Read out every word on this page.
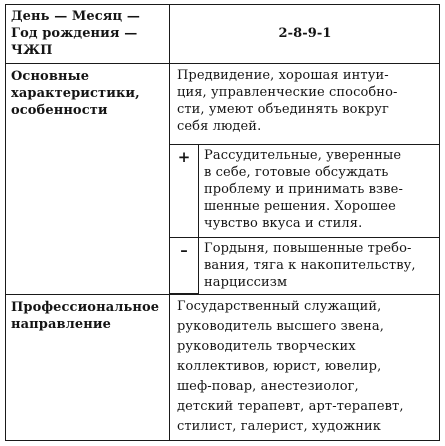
День — Месяц —
Год рождения —
ЧЖП
2-8-9-1
Основные
характеристики,
особенности
Предвидение, хорошая интуи-
ция, управленческие способно-
сти, умеют объединять вокруг
себя людей.
+ Рассудительные, уверенные
в себе, готовые обсуждать
проблему и принимать взве-
шенные решения. Хорошее
чувство вкуса и стиля.
– Гордыня, повышенные требо-
вания, тяга к накопительству,
нарциссизм
Профессиональное
направление
Государственный служащий,
руководитель высшего звена,
руководитель творческих
коллективов, юрист, ювелир,
шеф-повар, анестезиолог,
детский терапевт, арт-терапевт,
стилист, галерист, художник
